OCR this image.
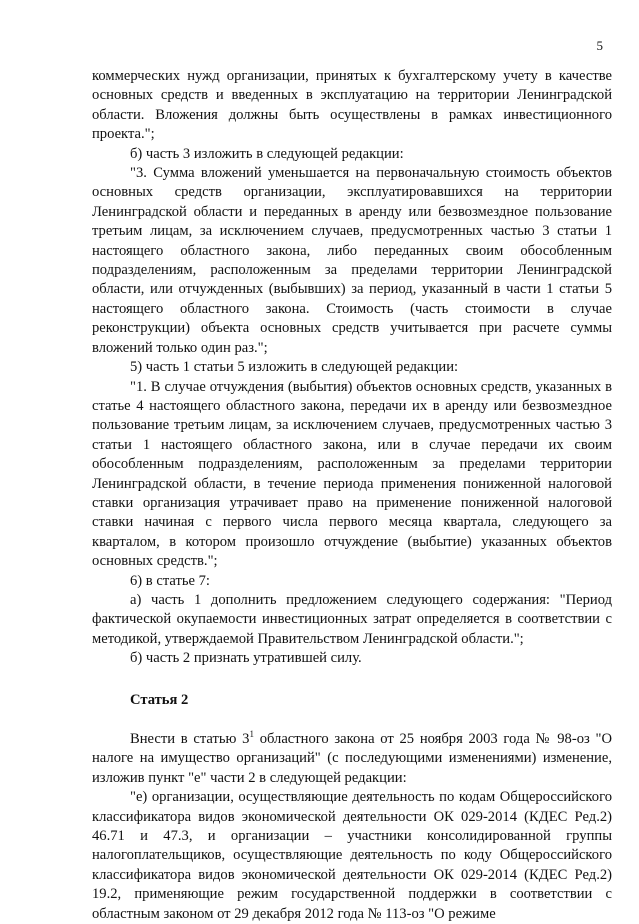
5

коммерческих нужд организации, принятых к бухгалтерскому учету в качестве основных средств и введенных в эксплуатацию на территории Ленинградской области. Вложения должны быть осуществлены в рамках инвестиционного проекта.";

б) часть 3 изложить в следующей редакции:

"3. Сумма вложений уменьшается на первоначальную стоимость объектов основных средств организации, эксплуатировавшихся на территории Ленинградской области и переданных в аренду или безвозмездное пользование третьим лицам, за исключением случаев, предусмотренных частью 3 статьи 1 настоящего областного закона, либо переданных своим обособленным подразделениям, расположенным за пределами территории Ленинградской области, или отчужденных (выбывших) за период, указанный в части 1 статьи 5 настоящего областного закона. Стоимость (часть стоимости в случае реконструкции) объекта основных средств учитывается при расчете суммы вложений только один раз.";

5) часть 1 статьи 5 изложить в следующей редакции:

"1. В случае отчуждения (выбытия) объектов основных средств, указанных в статье 4 настоящего областного закона, передачи их в аренду или безвозмездное пользование третьим лицам, за исключением случаев, предусмотренных частью 3 статьи 1 настоящего областного закона, или в случае передачи их своим обособленным подразделениям, расположенным за пределами территории Ленинградской области, в течение периода применения пониженной налоговой ставки организация утрачивает право на применение пониженной налоговой ставки начиная с первого числа первого месяца квартала, следующего за кварталом, в котором произошло отчуждение (выбытие) указанных объектов основных средств.";

6) в статье 7:

а) часть 1 дополнить предложением следующего содержания: "Период фактической окупаемости инвестиционных затрат определяется в соответствии с методикой, утверждаемой Правительством Ленинградской области.";

б) часть 2 признать утратившей силу.

Статья 2

Внести в статью $3^1$ областного закона от 25 ноября 2003 года № 98-оз "О налоге на имущество организаций" (с последующими изменениями) изменение, изложив пункт "е" части 2 в следующей редакции:

"е) организации, осуществляющие деятельность по кодам Общероссийского классификатора видов экономической деятельности ОК 029-2014 (КДЕС Ред.2) 46.71 и 47.3, и организации – участники консолидированной группы налогоплательщиков, осуществляющие деятельность по коду Общероссийского классификатора видов экономической деятельности ОК 029-2014 (КДЕС Ред.2) 19.2, применяющие режим государственной поддержки в соответствии с областным законом от 29 декабря 2012 года № 113-оз "О режиме
